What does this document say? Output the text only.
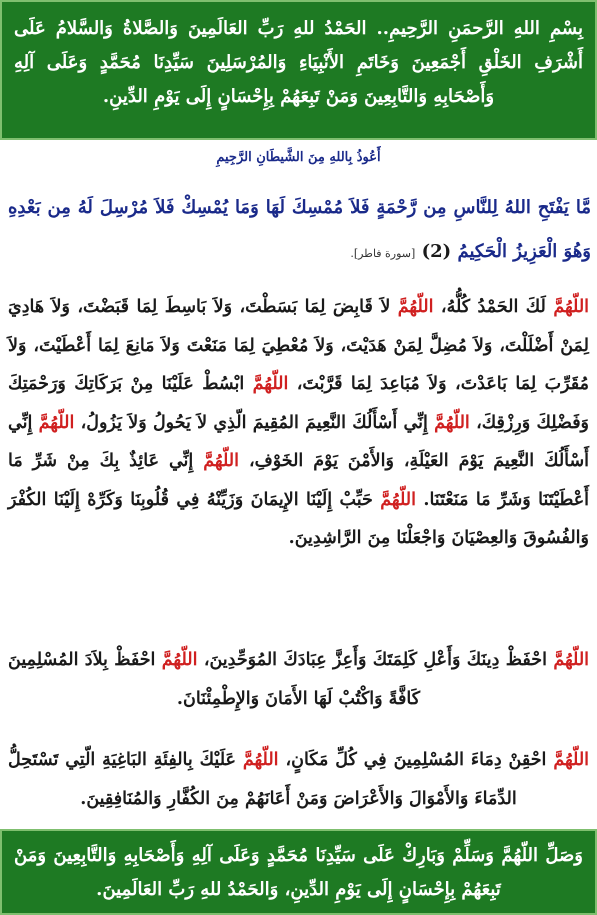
بِسْمِ اللهِ الرَّحمَنِ الرَّحِيمِ.. الحَمْدُ للهِ رَبِّ العَالَمِينَ وَالصَّلاةُ وَالسَّلامُ عَلَى أَشْرَفِ الخَلْقِ أَجْمَعِينَ وَخَاتَمِ الأَنْبِيَاءِ وَالمُرْسَلِينَ سَيِّدِنَا مُحَمَّدٍ وَعَلَى آلِهِ وَأَصْحَابِهِ وَالتَّابِعِينَ وَمَنْ تَبِعَهُمْ بِإِحْسَانٍ إِلَى يَوْمِ الدِّينِ.
أَعُوذُ بِاللهِ مِنَ الشَّيطَانِ الرَّجِيمِ
مَّا يَفْتَحِ اللهُ لِلنَّاسِ مِن رَّحْمَةٍ فَلاَ مُمْسِكَ لَهَا وَمَا يُمْسِكْ فَلاَ مُرْسِلَ لَهُ مِن بَعْدِهِ وَهُوَ الْعَزِيزُ الْحَكِيمُ (2) [سورة فاطر].
اللّهُمَّ لَكَ الحَمْدُ كُلُّهُ، اللّهُمَّ لاَ قَابِضَ لِمَا بَسَطْتَ، وَلاَ بَاسِطَ لِمَا قَبَضْتَ، وَلاَ هَادِيَ لِمَنْ أَضْلَلْتَ، وَلاَ مُضِلَّ لِمَنْ هَدَيْتَ، وَلاَ مُعْطِيَ لِمَا مَنَعْتَ وَلاَ مَانِعَ لِمَا أَعْطَيْتَ، وَلاَ مُقَرِّبَ لِمَا بَاعَدْتَ، وَلاَ مُبَاعِدَ لِمَا قَرَّبْتَ، اللّهُمَّ ابْسُطْ عَلَيْنَا مِنْ بَرَكَاتِكَ وَرَحْمَتِكَ وَفَضْلِكَ وَرِزْقِكَ، اللّهُمَّ إِنِّي أَسْأَلُكَ النَّعِيمَ المُقِيمَ الّذِي لاَ يَحُولُ وَلاَ يَزُولُ، اللّهُمَّ إِنِّي أَسْأَلُكَ النَّعِيمَ يَوْمَ العَيْلَةِ، وَالأَمْنَ يَوْمَ الخَوْفِ، اللّهُمَّ إِنِّي عَائِذٌ بِكَ مِنْ شَرِّ مَا أَعْطَيْتَنَا وَشَرِّ مَا مَنَعْتَنَا. اللّهُمَّ حَبِّبْ إِلَيْنَا الإِيمَانَ وَزَيِّنْهُ فِي قُلُوبِنَا وَكَرِّهْ إِلَيْنَا الكُفْرَ وَالفُسُوقَ وَالعِصْيَانَ وَاجْعَلْنَا مِنَ الرَّاشِدِينَ.
اللّهُمَّ احْفَظْ دِينَكَ وَأَعْلِ كَلِمَتَكَ وَأَعِزَّ عِبَادَكَ المُوَحِّدِينَ، اللّهُمَّ احْفَظْ بِلاَدَ المُسْلِمِينَ كَافَّةً وَاكْتُبْ لَهَا الأَمَانَ وَالإِطْمِئْنَانَ.
اللّهُمَّ احْقِنْ دِمَاءَ المُسْلِمِينَ فِي كُلِّ مَكَانٍ، اللّهُمَّ عَلَيْكَ بِالفِئَةِ البَاغِيَةِ الّتِي تَسْتَحِلُّ الدِّمَاءَ وَالأَمْوَالَ وَالأَعْرَاضَ وَمَنْ أَعَانَهُمْ مِنَ الكُفَّارِ وَالمُنَافِقِينَ.
وَصَلِّ اللّهُمَّ وَسَلِّمْ وَبَارِكْ عَلَى سَيِّدِنَا مُحَمَّدٍ وَعَلَى آلِهِ وَأَصْحَابِهِ وَالتَّابِعِينَ وَمَنْ تَبِعَهُمْ بِإِحْسَانٍ إِلَى يَوْمِ الدِّينِ، وَالحَمْدُ للهِ رَبِّ العَالَمِينَ.
